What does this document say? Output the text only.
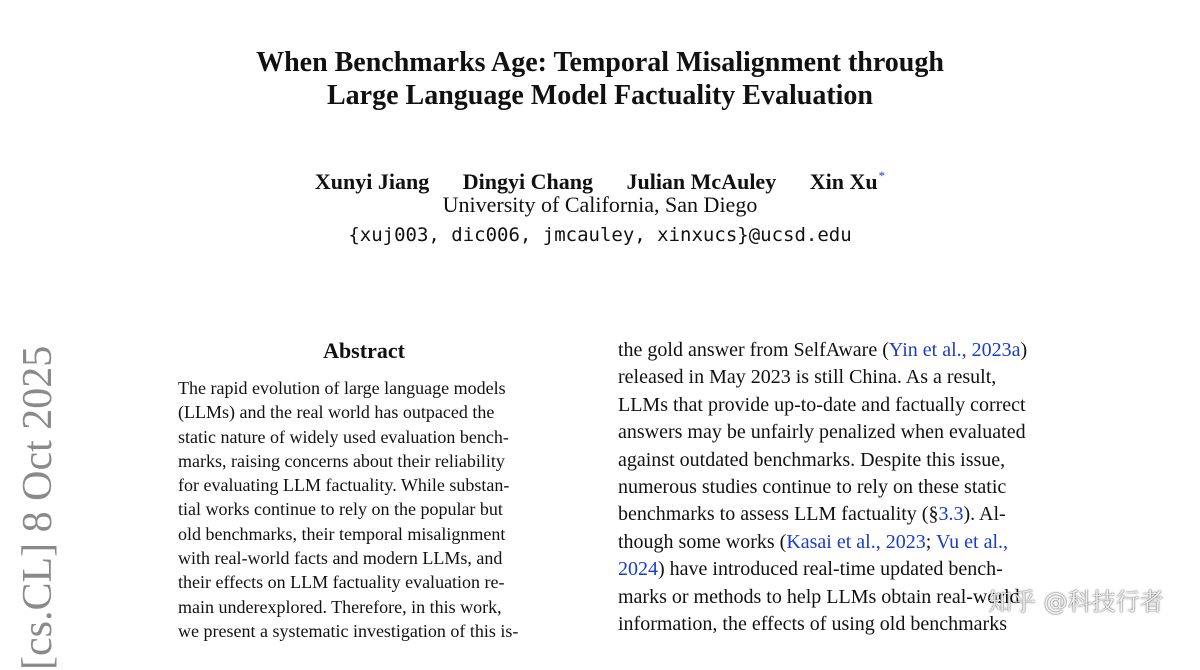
[cs.CL] 8 Oct 2025
When Benchmarks Age: Temporal Misalignment through
Large Language Model Factuality Evaluation
Xunyi Jiang Dingyi Chang Julian McAuley Xin Xu*
University of California, San Diego
{xuj003, dic006, jmcauley, xinxucs}@ucsd.edu
Abstract
The rapid evolution of large language models
(LLMs) and the real world has outpaced the
static nature of widely used evaluation bench-
marks, raising concerns about their reliability
for evaluating LLM factuality. While substan-
tial works continue to rely on the popular but
old benchmarks, their temporal misalignment
with real-world facts and modern LLMs, and
their effects on LLM factuality evaluation re-
main underexplored. Therefore, in this work,
we present a systematic investigation of this is-
the gold answer from SelfAware (Yin et al., 2023a)
released in May 2023 is still China. As a result,
LLMs that provide up-to-date and factually correct
answers may be unfairly penalized when evaluated
against outdated benchmarks. Despite this issue,
numerous studies continue to rely on these static
benchmarks to assess LLM factuality (§3.3). Al-
though some works (Kasai et al., 2023; Vu et al.,
2024) have introduced real-time updated bench-
marks or methods to help LLMs obtain real-world
information, the effects of using old benchmarks
知乎 @科技行者
